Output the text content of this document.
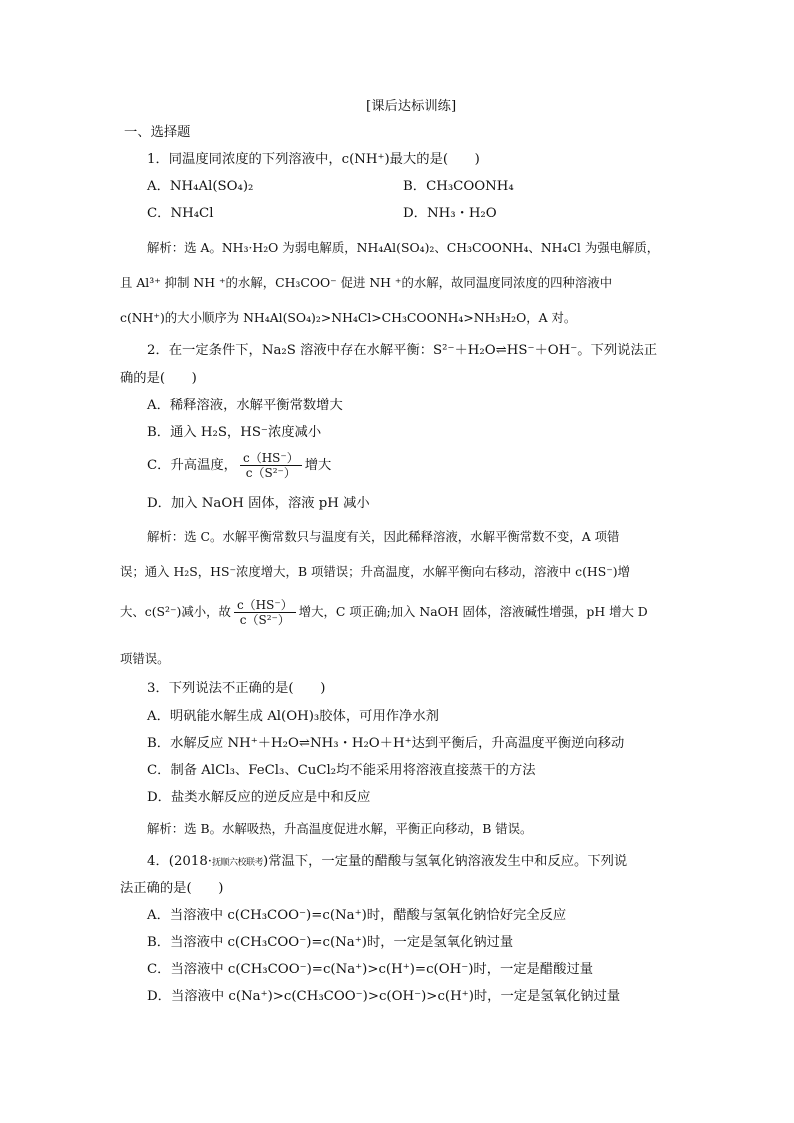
[课后达标训练]
一、选择题
1．同温度同浓度的下列溶液中，c(NH⁺)最大的是(　　)
A．NH₄Al(SO₄)₂	B．CH₃COONH₄
C．NH₄Cl	D．NH₃・H₂O
解析：选 A。NH₃·H₂O 为弱电解质，NH₄Al(SO₄)₂、CH₃COONH₄、NH₄Cl 为强电解质，
且 Al³⁺ 抑制 NH ⁺的水解，CH₃COO⁻ 促进 NH ⁺的水解，故同温度同浓度的四种溶液中
c(NH⁺)的大小顺序为 NH₄Al(SO₄)₂>NH₄Cl>CH₃COONH₄>NH₃H₂O，A 对。
2．在一定条件下，Na₂S 溶液中存在水解平衡：S²⁻＋H₂O⇌HS⁻＋OH⁻。下列说法正
确的是(　　)
A．稀释溶液，水解平衡常数增大
B．通入 H₂S，HS⁻浓度减小
C．升高温度， $\frac{c(HS^-)}{\text{c（S²⁻）}}$ 增大
D．加入 NaOH 固体，溶液 pH 减小
解析：选 C。水解平衡常数只与温度有关，因此稀释溶液，水解平衡常数不变，A 项错
误；通入 H₂S，HS⁻浓度增大，B 项错误；升高温度，水解平衡向右移动，溶液中 c(HS⁻)增
大、c(S²⁻)减小，故 $\frac{c(HS^-)}{\text{c（S²⁻）}}$ 增大，C 项正确;加入 NaOH 固体，溶液碱性增强，pH 增大 D
项错误。
3．下列说法不正确的是(　　)
A．明矾能水解生成 Al(OH)₃胶体，可用作净水剂
B．水解反应 NH⁺＋H₂O⇌NH₃・H₂O＋H⁺达到平衡后，升高温度平衡逆向移动
C．制备 AlCl₃、FeCl₃、CuCl₂均不能采用将溶液直接蒸干的方法
D．盐类水解反应的逆反应是中和反应
解析：选 B。水解吸热，升高温度促进水解，平衡正向移动，B 错误。
4．(2018·抚顺六校联考)常温下，一定量的醋酸与氢氧化钠溶液发生中和反应。下列说
法正确的是(　　)
A．当溶液中 c(CH₃COO⁻)=c(Na⁺)时，醋酸与氢氧化钠恰好完全反应
B．当溶液中 c(CH₃COO⁻)=c(Na⁺)时，一定是氢氧化钠过量
C．当溶液中 c(CH₃COO⁻)=c(Na⁺)>c(H⁺)=c(OH⁻)时，一定是醋酸过量
D．当溶液中 c(Na⁺)>c(CH₃COO⁻)>c(OH⁻)>c(H⁺)时，一定是氢氧化钠过量
